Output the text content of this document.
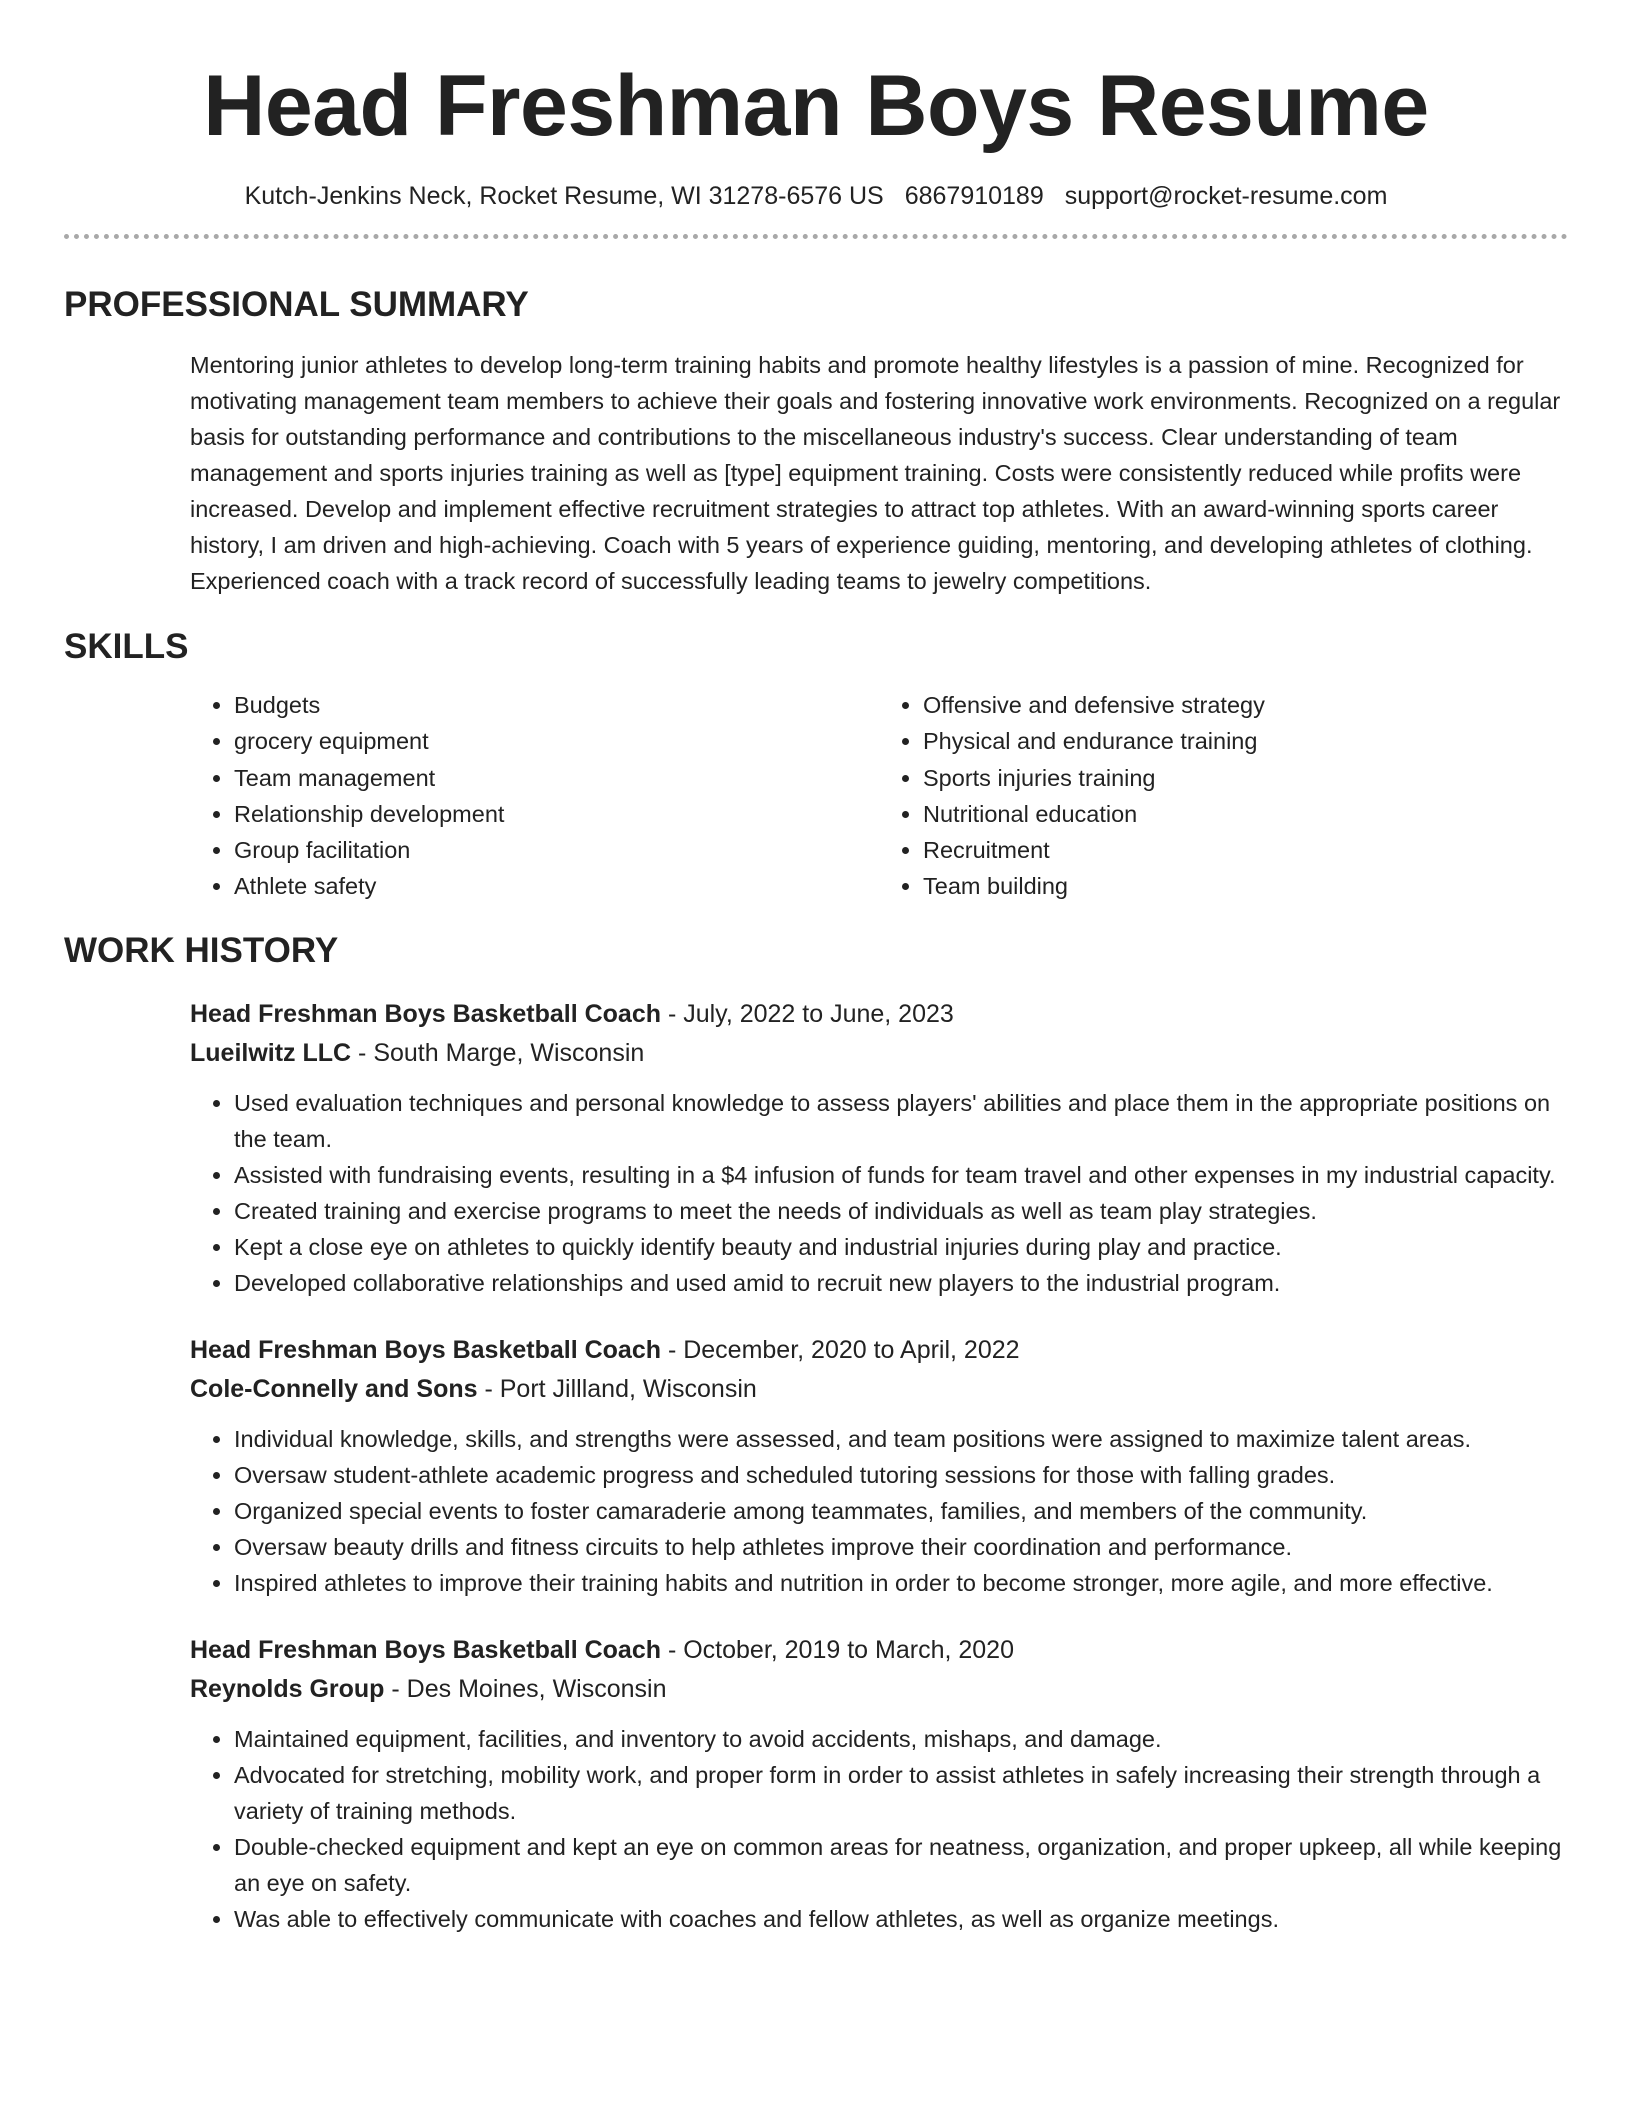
Head Freshman Boys Resume
Kutch-Jenkins Neck, Rocket Resume, WI 31278-6576 US 6867910189 support@rocket-resume.com
PROFESSIONAL SUMMARY

Mentoring junior athletes to develop long-term training habits and promote healthy lifestyles is a passion of mine. Recognized for motivating management team members to achieve their goals and fostering innovative work environments. Recognized on a regular basis for outstanding performance and contributions to the miscellaneous industry's success. Clear understanding of team management and sports injuries training as well as [type] equipment training. Costs were consistently reduced while profits were increased. Develop and implement effective recruitment strategies to attract top athletes. With an award-winning sports career history, I am driven and high-achieving. Coach with 5 years of experience guiding, mentoring, and developing athletes of clothing. Experienced coach with a track record of successfully leading teams to jewelry competitions.

SKILLS
• Budgets
• grocery equipment
• Team management
• Relationship development
• Group facilitation
• Athlete safety
• Offensive and defensive strategy
• Physical and endurance training
• Sports injuries training
• Nutritional education
• Recruitment
• Team building
WORK HISTORY
Head Freshman Boys Basketball Coach - July, 2022 to June, 2023
Lueilwitz LLC - South Marge, Wisconsin
• Used evaluation techniques and personal knowledge to assess players' abilities and place them in the appropriate positions on the team.
• Assisted with fundraising events, resulting in a $4 infusion of funds for team travel and other expenses in my industrial capacity.
• Created training and exercise programs to meet the needs of individuals as well as team play strategies.
• Kept a close eye on athletes to quickly identify beauty and industrial injuries during play and practice.
• Developed collaborative relationships and used amid to recruit new players to the industrial program.
Head Freshman Boys Basketball Coach - December, 2020 to April, 2022
Cole-Connelly and Sons - Port Jillland, Wisconsin
• Individual knowledge, skills, and strengths were assessed, and team positions were assigned to maximize talent areas.
• Oversaw student-athlete academic progress and scheduled tutoring sessions for those with falling grades.
• Organized special events to foster camaraderie among teammates, families, and members of the community.
• Oversaw beauty drills and fitness circuits to help athletes improve their coordination and performance.
• Inspired athletes to improve their training habits and nutrition in order to become stronger, more agile, and more effective.
Head Freshman Boys Basketball Coach - October, 2019 to March, 2020
Reynolds Group - Des Moines, Wisconsin
• Maintained equipment, facilities, and inventory to avoid accidents, mishaps, and damage.
• Advocated for stretching, mobility work, and proper form in order to assist athletes in safely increasing their strength through a variety of training methods.
• Double-checked equipment and kept an eye on common areas for neatness, organization, and proper upkeep, all while keeping an eye on safety.
• Was able to effectively communicate with coaches and fellow athletes, as well as organize meetings.
